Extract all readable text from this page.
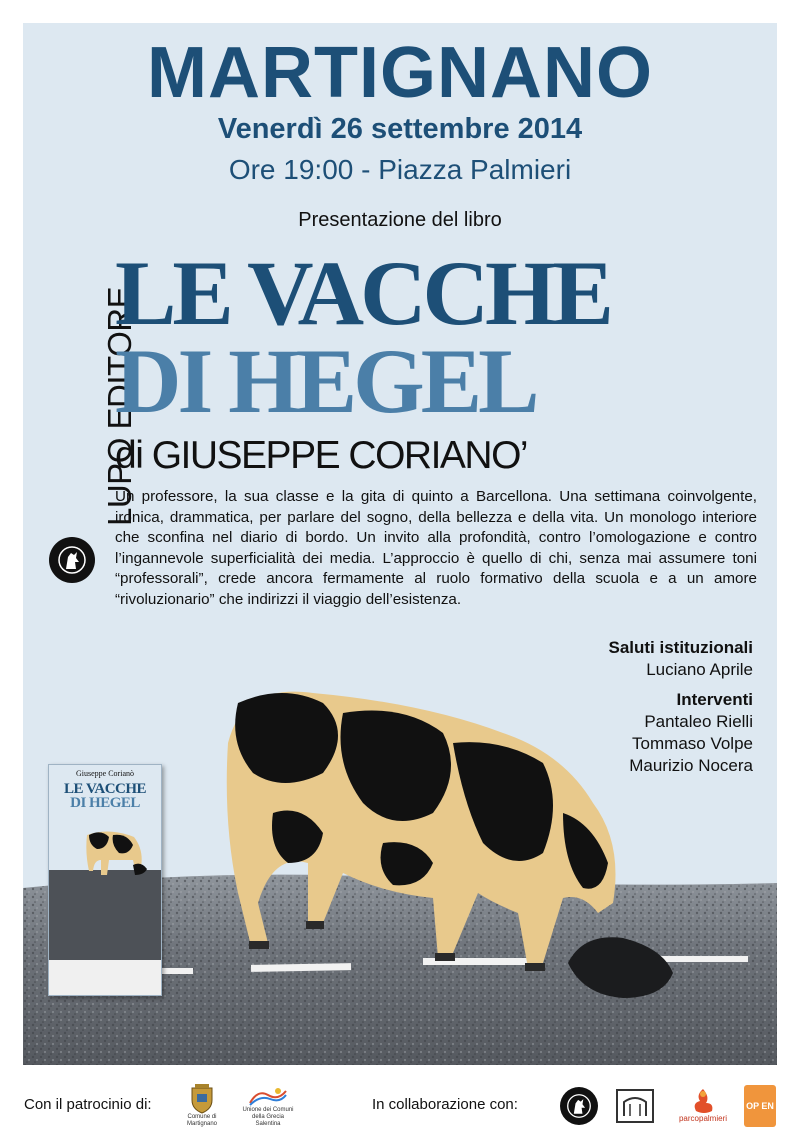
MARTIGNANO
Venerdì 26 settembre 2014
Ore 19:00 - Piazza Palmieri
Presentazione del libro
LUPO EDITORE
LE VACCHE
DI HEGEL
di GIUSEPPE CORIANO’
Un professore, la sua classe e la gita di quinto a Barcellona. Una settimana coinvolgente, ironica, drammatica, per parlare del sogno, della bellezza e della vita. Un monologo interiore che sconfina nel diario di bordo. Un invito alla profondità, contro l’omologazione e contro l’ingannevole superficialità dei media. L’approccio è quello di chi, senza mai assumere toni “professorali”, crede ancora fermamente al ruolo formativo della scuola e a un amore “rivoluzionario” che indirizzi il viaggio dell’esistenza.
Saluti istituzionali
Luciano Aprile
Interventi
Pantaleo Rielli
Tommaso Volpe
Maurizio Nocera
Giuseppe Corianò
LE VACCHE
DI HEGEL
Con il patrocinio di:
Comune di Martignano
Unione dei Comuni della Grecia Salentina
In collaborazione con:
parcopalmieri
OP EN
